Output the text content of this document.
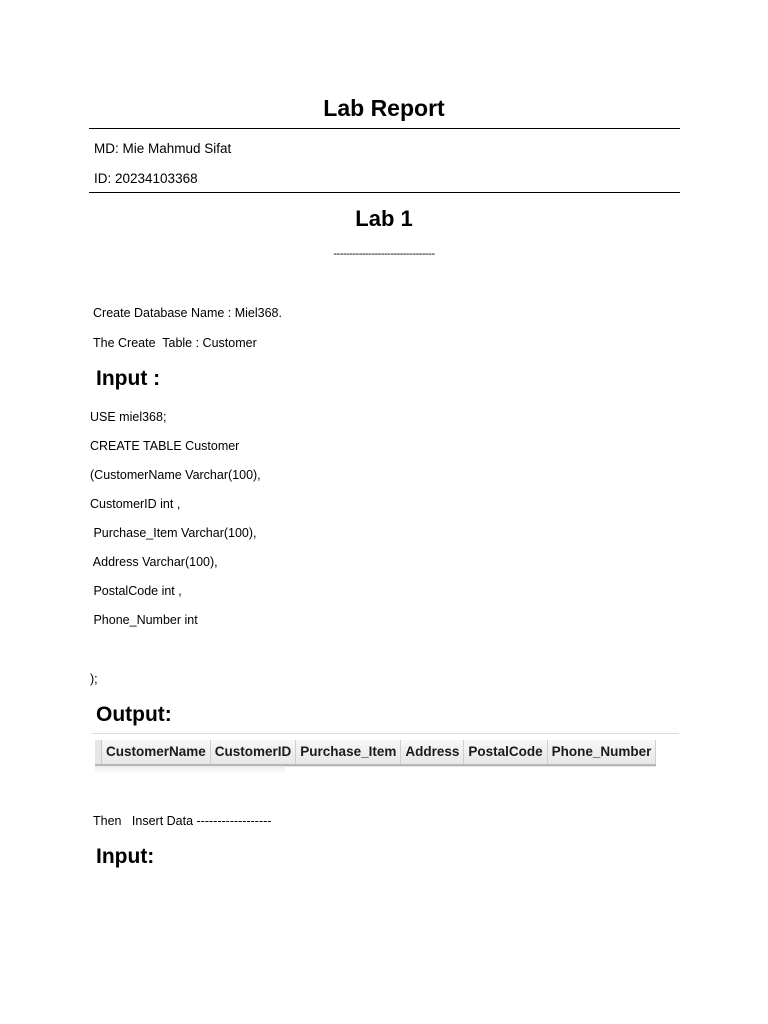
Lab Report
MD: Mie Mahmud Sifat
ID: 20234103368
Lab 1
--------------------------------
Create Database Name : Miel368.
The Create  Table : Customer
Input :
USE miel368;
CREATE TABLE Customer
(CustomerName Varchar(100),
CustomerID int ,
Purchase_Item Varchar(100),
Address Varchar(100),
PostalCode int ,
Phone_Number int
);
Output:
CustomerName CustomerID Purchase_Item Address PostalCode Phone_Number
Then   Insert Data ------------------
Input:
